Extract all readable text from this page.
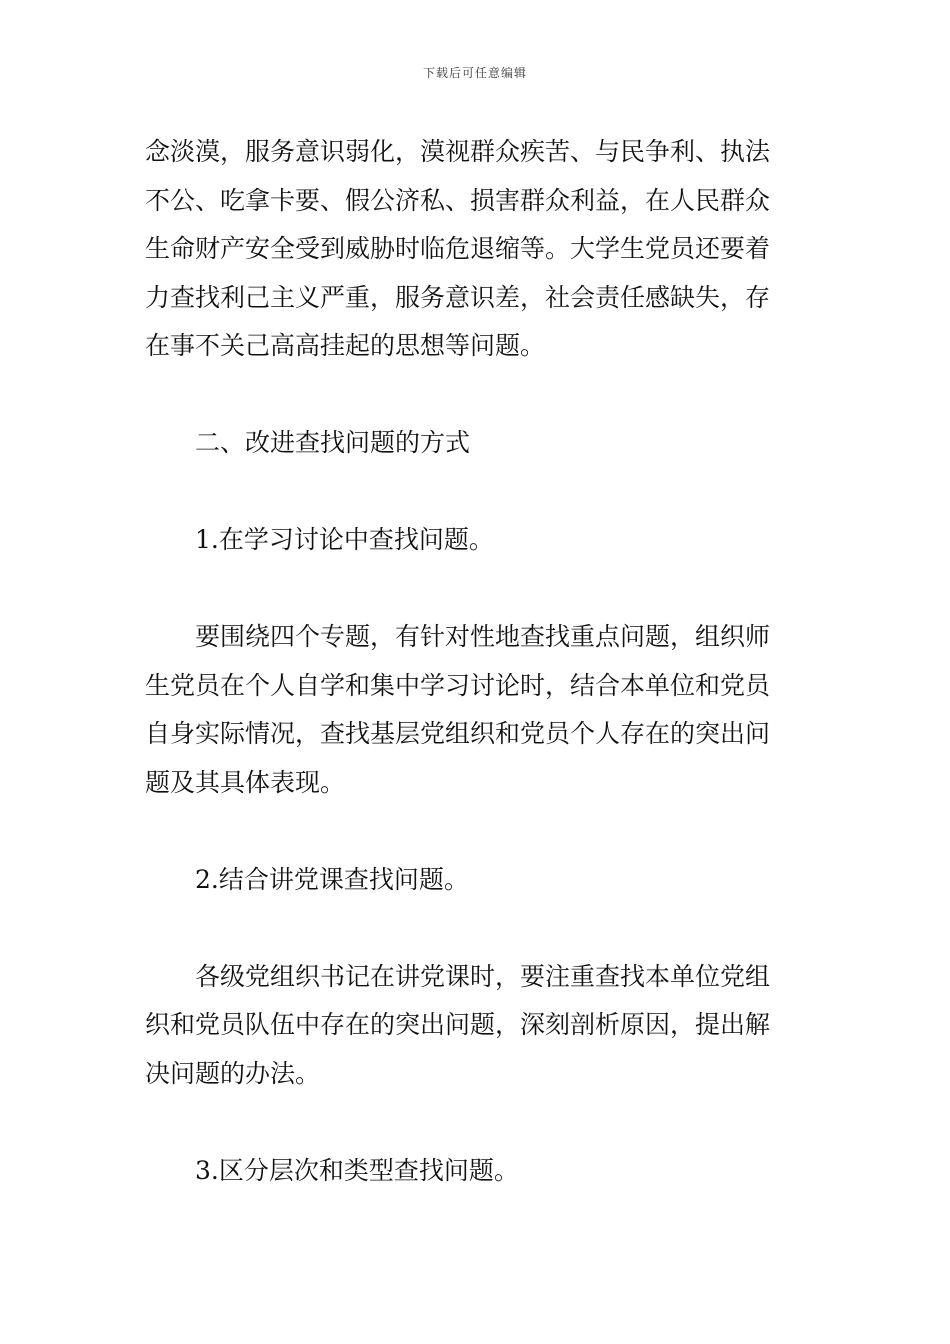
下载后可任意编辑
念淡漠，服务意识弱化，漠视群众疾苦、与民争利、执法
不公、吃拿卡要、假公济私、损害群众利益，在人民群众
生命财产安全受到威胁时临危退缩等。大学生党员还要着
力查找利己主义严重，服务意识差，社会责任感缺失，存
在事不关己高高挂起的思想等问题。
二、改进查找问题的方式
1.在学习讨论中查找问题。
要围绕四个专题，有针对性地查找重点问题，组织师
生党员在个人自学和集中学习讨论时，结合本单位和党员
自身实际情况，查找基层党组织和党员个人存在的突出问
题及其具体表现。
2.结合讲党课查找问题。
各级党组织书记在讲党课时，要注重查找本单位党组
织和党员队伍中存在的突出问题，深刻剖析原因，提出解
决问题的办法。
3.区分层次和类型查找问题。
